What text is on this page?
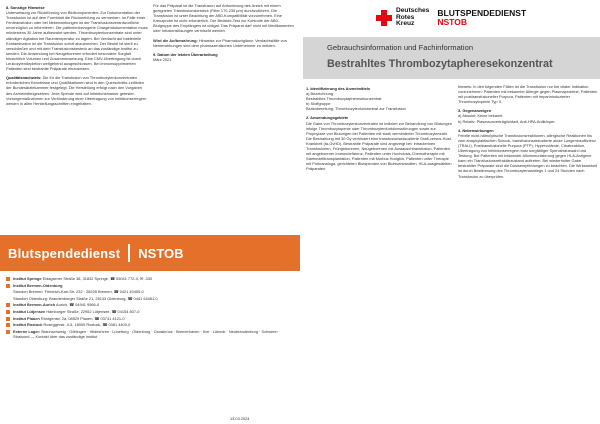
8. Sonstige Hinweise
Unterweisung zur Rückführung von Blutkomponenten: Zur Dokumentation der Transfusion ist auf dem Formblatt die Rückmeldung zu vermerken. Im Falle einer Fehltransfusion oder bei Nebenwirkungen ist der Transfusionsverantwortliche unverzüglich zu informieren. Die patientenbezogene Chargendokumentation muss mindestens 30 Jahre aufbewahrt werden. Thrombozytenkonzentrate sind unter ständiger Agitation bei Raumtemperatur zu lagern. Bei Verdacht auf bakterielle Kontamination ist die Transfusion sofort abzubrechen. Der Beutel ist steril zu verschließen und mit dem Transfusionsbesteck an das zuständige Institut zu senden. Die Anwendung bei Neugeborenen erfordert besondere Sorgfalt hinsichtlich Volumen und Zusammensetzung. Eine CMV-Übertragung ist durch Leukozytendepletion weitgehend ausgeschlossen. Bei immunsupprimierten Patienten sind bestrahlte Präparate einzusetzen.
Qualitätsnachweis: Die für die Transfusion von Thrombozytenkonzentraten erforderlichen Kenntnisse und Qualifikationen sind in den Querschnitts-Leitlinien der Bundesärztekammer festgelegt. Die Herstellung erfolgt nach den Vorgaben des Arzneimittelgesetzes. Jede Spende wird auf Infektionsmarker getestet. Vorsorgemaßnahmen zur Verhinderung einer Übertragung von Infektionserregern werden in allen Herstellungsschritten eingehalten.
Für das Präparat ist die Transfusion auf Anforderung des Arztes mit einem geeigneten Transfusionsbesteck (Filter 170-230 µm) durchzuführen. Die Transfusion ist unter Beachtung der AB0-Kompatibilität vorzunehmen. Eine Kreuzprobe ist nicht erforderlich. Der Bedside-Test zur Kontrolle der AB0-Blutgruppe des Empfängers ist obligat. Das Präparat darf nicht mit Medikamenten oder Infusionslösungen vermischt werden.
Wird die Aufbewahrung: Hinweise zur Pharmakovigilanz: Verdachtsfälle von Nebenwirkungen sind dem pharmazeutischen Unternehmer zu melden.
9. Datum der letzten Überarbeitung
März 2021
Blutspendedienst NSTOB
Institut Springe Eldagsener Straße 38, 31832 Springe, ☎ 05041 772-0, ✉ -330
Institut Bremen-Oldenburg
Standort Bremen: Friedrich-Karl-Str. 232 · 28205 Bremen, ☎ 0421 40455-0
Standort Oldenburg: Brandenburger Straße 21, 26133 Oldenburg, ☎ 0441 94481-0
Institut Bremen-Aurich Aurich, ☎ 04941 9566-0
Institut Lütjensee Hamburger Straße, 22952 Lütjensee, ☎ 04154 807-0
Institut Plauen Röntgenstr. 2a, 08529 Plauen, ☎ 03741 4121-0
Institut Rostock Roseggerstr. 4-5, 18059 Rostock, ☎ 0381 4400-0
Externe Lager: Braunschweig · Göttingen · Hildesheim · Lüneburg · Oldenburg · Osnabrück · Bremerhaven · Kiel · Lübeck · Neubrandenburg · Schwerin · Stralsund — Kontakt über das zuständige Institut
13.03.2024
Deutsches
Rotes
Kreuz
BLUTSPENDEDIENST
NSTOB
Gebrauchsinformation und Fachinformation
Bestrahltes Thrombozytapheresekonzentrat
1. Identifizierung des Arzneimittels
a) Bezeichnung
Bestrahltes Thrombozytapheresekonzentrat
b) Stoffgruppe
Blutzubereitung, Thrombozytenkonzentrat zur Transfusion
2. Anwendungsgebiete
Die Gabe von Thrombozytenkonzentraten ist indiziert zur Behandlung von Blutungen infolge Thrombozytopenie oder Thrombozytenfunktionsstörungen sowie zur Prophylaxe von Blutungen bei Patienten mit stark verminderter Thrombozytenzahl. Die Bestrahlung mit 30 Gy verhindert eine transfusionsassoziierte Graft-versus-Host-Krankheit (ta-GvHD). Bestrahlte Präparate sind angezeigt bei: intrauterinen Transfusionen, Frühgeborenen, Neugeborenen mit Austauschtransfusion, Patienten mit angeborener Immundefizienz, Patienten unter Hochdosis-Chemotherapie mit Stammzelltransplantation, Patienten mit Morbus Hodgkin, Patienten unter Therapie mit Purinanaloga, gerichteten Blutspenden von Blutsverwandten, HLA-ausgewählten Präparaten.
hinweis: In den folgenden Fällen ist die Transfusion nur bei vitaler Indikation vorzunehmen: Patienten mit bekannter Allergie gegen Plasmaproteine, Patienten mit posttransfusioneller Purpura, Patienten mit heparininduzierter Thrombozytopenie Typ II.
3. Gegenanzeigen
a) Absolut: Keine bekannt.
b) Relativ: Plasmaunverträglichkeit, Anti-HPA-Antikörper.
4. Nebenwirkungen
Febrile nicht-hämolytische Transfusionsreaktionen, allergische Reaktionen bis zum anaphylaktischen Schock, transfusionsassoziierte akute Lungeninsuffizienz (TRALI), Posttransfusionelle Purpura (PTP), Hypervolämie, Citratreaktion, Übertragung von Infektionserregern trotz sorgfältiger Spenderauswahl und Testung. Bei Patienten mit bekannter Alloimmunisierung gegen HLA-Antigene kann ein Transfusionsrefraktärzustand auftreten. Bei wiederholter Gabe bestrahlter Präparate sind die Dosisempfehlungen zu beachten. Die Wirksamkeit ist durch Bestimmung des Thrombozytenanstiegs 1 und 24 Stunden nach Transfusion zu überprüfen.
